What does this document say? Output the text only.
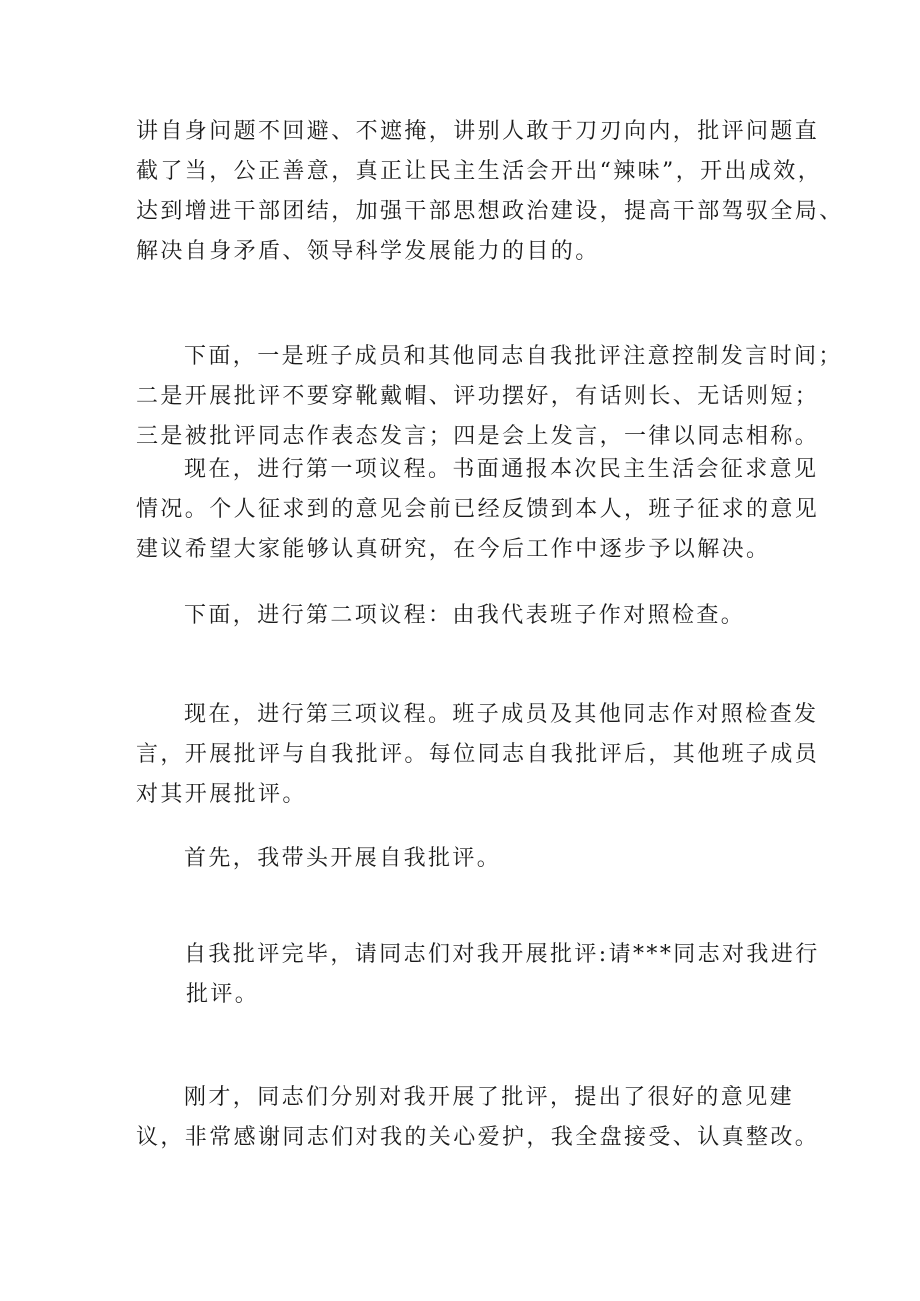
讲自身问题不回避、不遮掩，讲别人敢于刀刃向内，批评问题直
截了当，公正善意，真正让民主生活会开出“辣味”，开出成效，
达到增进干部团结，加强干部思想政治建设，提高干部驾驭全局、
解决自身矛盾、领导科学发展能力的目的。

下面，一是班子成员和其他同志自我批评注意控制发言时间；
二是开展批评不要穿靴戴帽、评功摆好，有话则长、无话则短；
三是被批评同志作表态发言；四是会上发言，一律以同志相称。

现在，进行第一项议程。书面通报本次民主生活会征求意见
情况。个人征求到的意见会前已经反馈到本人，班子征求的意见
建议希望大家能够认真研究，在今后工作中逐步予以解决。

下面，进行第二项议程：由我代表班子作对照检查。

现在，进行第三项议程。班子成员及其他同志作对照检查发
言，开展批评与自我批评。每位同志自我批评后，其他班子成员
对其开展批评。

首先，我带头开展自我批评。

自我批评完毕，请同志们对我开展批评:请***同志对我进行
批评。

刚才，同志们分别对我开展了批评，提出了很好的意见建
议，非常感谢同志们对我的关心爱护，我全盘接受、认真整改。
